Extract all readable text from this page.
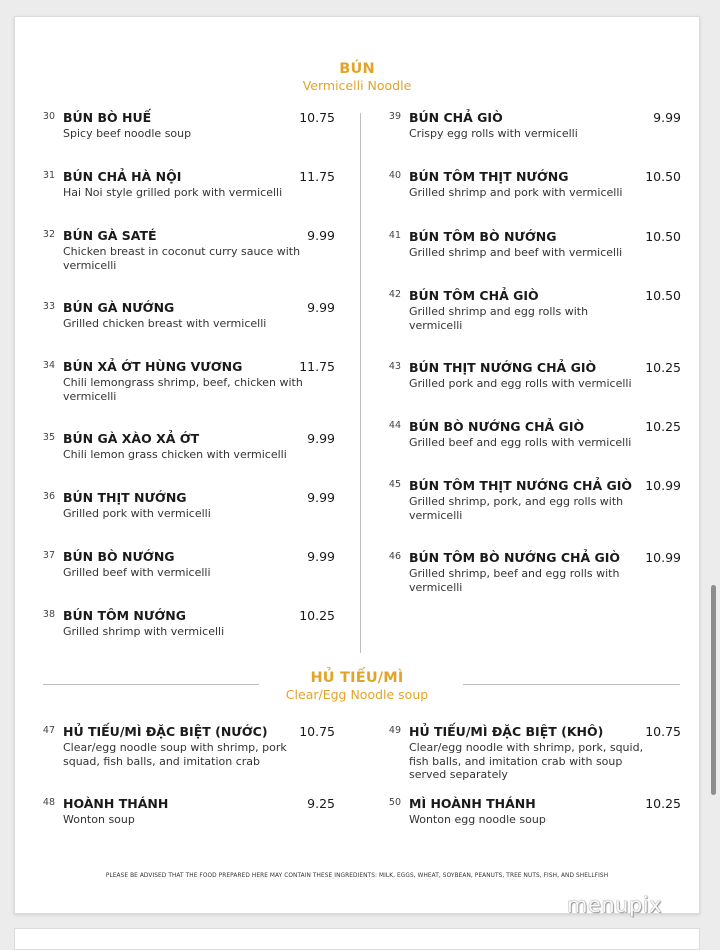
BÚN
Vermicelli Noodle
30 BÚN BÒ HUẾ	10.75
Spicy beef noodle soup
31 BÚN CHẢ HÀ NỘI	11.75
Hai Noi style grilled pork with vermicelli
32 BÚN GÀ SATÉ	9.99
Chicken breast in coconut curry sauce with vermicelli
33 BÚN GÀ NƯỚNG	9.99
Grilled chicken breast with vermicelli
34 BÚN XẢ ỚT HÙNG VƯƠNG	11.75
Chili lemongrass shrimp, beef, chicken with vermicelli
35 BÚN GÀ XÀO XẢ ỚT	9.99
Chili lemon grass chicken with vermicelli
36 BÚN THỊT NƯỚNG	9.99
Grilled pork with vermicelli
37 BÚN BÒ NƯỚNG	9.99
Grilled beef with vermicelli
38 BÚN TÔM NƯỚNG	10.25
Grilled shrimp with vermicelli
39 BÚN CHẢ GIÒ	9.99
Crispy egg rolls with vermicelli
40 BÚN TÔM THỊT NƯỚNG	10.50
Grilled shrimp and pork with vermicelli
41 BÚN TÔM BÒ NƯỚNG	10.50
Grilled shrimp and beef with vermicelli
42 BÚN TÔM CHẢ GIÒ	10.50
Grilled shrimp and egg rolls with vermicelli
43 BÚN THỊT NƯỚNG CHẢ GIÒ	10.25
Grilled pork and egg rolls with vermicelli
44 BÚN BÒ NƯỚNG CHẢ GIÒ	10.25
Grilled beef and egg rolls with vermicelli
45 BÚN TÔM THỊT NƯỚNG CHẢ GIÒ	10.99
Grilled shrimp, pork, and egg rolls with vermicelli
46 BÚN TÔM BÒ NƯỚNG CHẢ GIÒ	10.99
Grilled shrimp, beef and egg rolls with vermicelli
HỦ TIẾU/MÌ
Clear/Egg Noodle soup
47 HỦ TIẾU/MÌ ĐẶC BIỆT (NƯỚC)	10.75
Clear/egg noodle soup with shrimp, pork squad, fish balls, and imitation crab
48 HOÀNH THÁNH	9.25
Wonton soup
49 HỦ TIẾU/MÌ ĐẶC BIỆT (KHÔ)	10.75
Clear/egg noodle with shrimp, pork, squid, fish balls, and imitation crab with soup served separately
50 MÌ HOÀNH THÁNH	10.25
Wonton egg noodle soup
PLEASE BE ADVISED THAT THE FOOD PREPARED HERE MAY CONTAIN THESE INGREDIENTS: MILK, EGGS, WHEAT, SOYBEAN, PEANUTS, TREE NUTS, FISH, AND SHELLFISH
menupix
